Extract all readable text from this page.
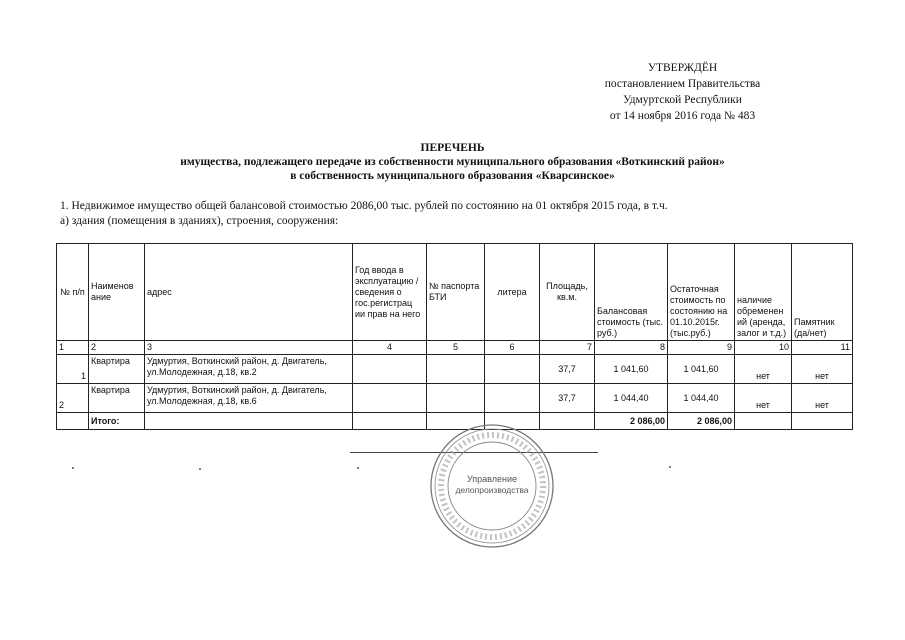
УТВЕРЖДЁН
постановлением Правительства
Удмуртской Республики
от 14 ноября 2016 года № 483
ПЕРЕЧЕНЬ
имущества, подлежащего передаче из собственности муниципального образования «Воткинский район»
в собственность муниципального образования «Кварсинское»
1. Недвижимое имущество общей балансовой стоимостью 2086,00 тыс. рублей по состоянию на 01 октября 2015 года, в т.ч.
а) здания (помещения в зданиях), строения, сооружения:
№ п/п	Наименов ание	адрес	Год ввода в эксплуатацию /сведения о гос.регистрац ии прав на него	№ паспорта БТИ	литера	Площадь, кв.м.	Балансовая стоимость (тыс. руб.)	Остаточная стоимость по состоянию на 01.10.2015г. (тыс.руб.)	наличие обременен ий (аренда, залог и т.д.)	Памятник (да/нет)
1	2	3	4	5	6	7	8	9	10	11
1	Квартира	Удмуртия, Воткинский район, д. Двигатель, ул.Молодежная, д.18, кв.2				37,7	1 041,60	1 041,60	нет	нет
2	Квартира	Удмуртия, Воткинский район, д. Двигатель, ул.Молодежная, д.18, кв.6				37,7	1 044,40	1 044,40	нет	нет
	Итого:						2 086,00	2 086,00		
Управление
делопроизводства
